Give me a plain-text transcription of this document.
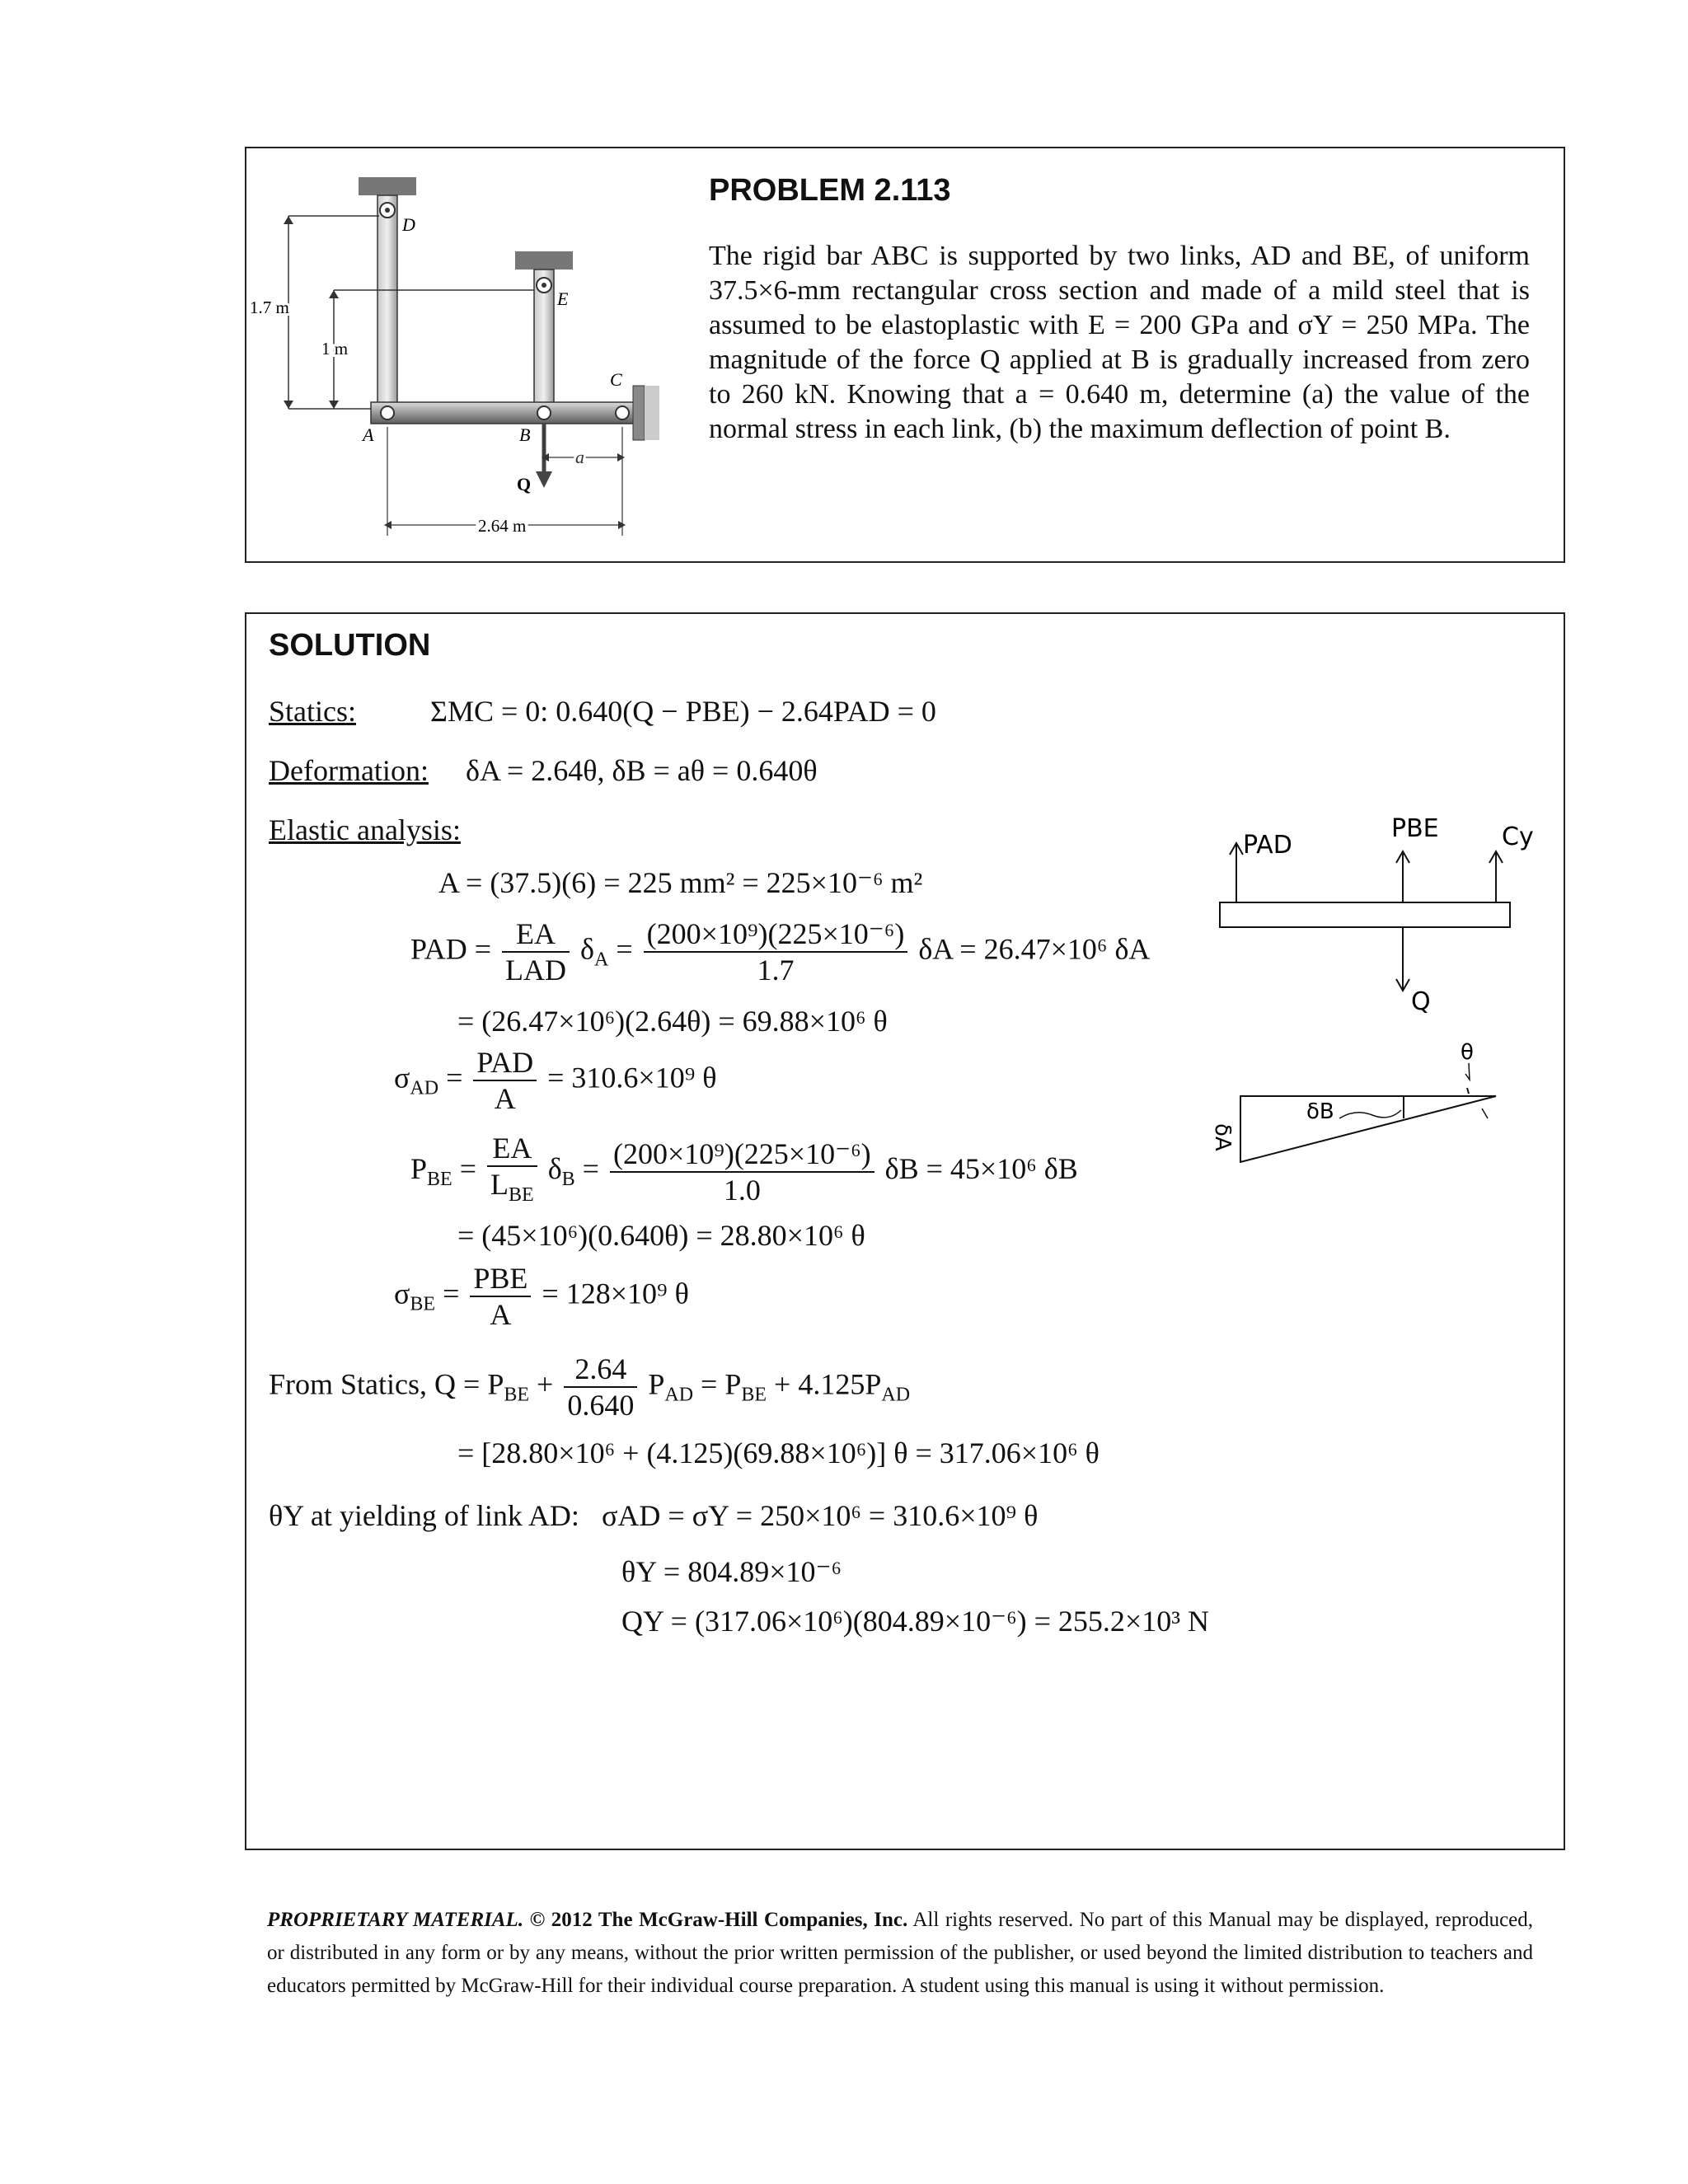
D
E
C
A	B
Q
a
1.7 m
1 m
2.64 m
PROBLEM 2.113

The rigid bar ABC is supported by two links, AD and BE, of uniform 37.5×6-mm rectangular cross section and made of a mild steel that is assumed to be elastoplastic with E = 200 GPa and σY = 250 MPa. The magnitude of the force Q applied at B is gradually increased from zero to 260 kN. Knowing that a = 0.640 m, determine (a) the value of the normal stress in each link, (b) the maximum deflection of point B.

SOLUTION
Statics:	ΣMC = 0: 0.640(Q − PBE) − 2.64PAD = 0
Deformation: δA = 2.64θ, δB = aθ = 0.640θ
Elastic analysis:
A = (37.5)(6) = 225 mm² = 225×10⁻⁶ m²
PAD = $\frac{EA}{\text{LAD}} \delta_A = \frac{\text{(200×10⁹)(225×10⁻⁶)}}{1.7}$ δA = 26.47×10⁶ δA
= (26.47×10⁶)(2.64θ) = 69.88×10⁶ θ
$\sigma_{AD} = \frac{\text{PAD}}{A} = 310.6\times 10^9$ θ
$P_{BE} = \frac{EA}{L_{BE}} \delta_B = \frac{\text{(200×10⁹)(225×10⁻⁶)}}{1.0}$ δB = 45×10⁶ δB
= (45×10⁶)(0.640θ) = 28.80×10⁶ θ
$\sigma_{BE} = \frac{\text{PBE}}{A} = 128\times 10^9$ θ
From Statics, $Q = P_{BE} + \frac{2.64}{0.640} P_{AD} = P_{BE} + 4.125P_{AD}$
= [28.80×10⁶ + (4.125)(69.88×10⁶)] θ = 317.06×10⁶ θ
θY at yielding of link AD: σAD = σY = 250×10⁶ = 310.6×10⁹ θ
θY = 804.89×10⁻⁶
QY = (317.06×10⁶)(804.89×10⁻⁶) = 255.2×10³ N
PAD
PBE	Cy
Q
θ
δB
δA
PROPRIETARY MATERIAL. © 2012 The McGraw-Hill Companies, Inc. All rights reserved. No part of this Manual may be displayed, reproduced, or distributed in any form or by any means, without the prior written permission of the publisher, or used beyond the limited distribution to teachers and educators permitted by McGraw-Hill for their individual course preparation. A student using this manual is using it without permission.
